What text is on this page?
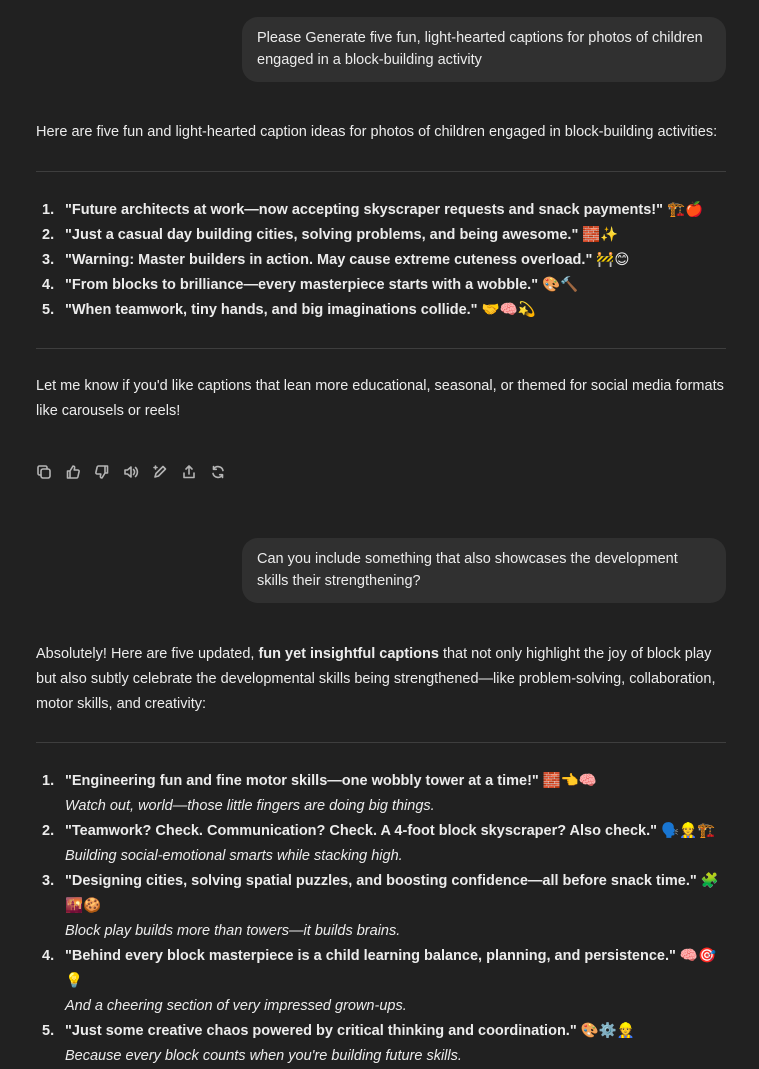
Please Generate five fun, light-hearted captions for photos of children engaged in a block-building activity

Here are five fun and light-hearted caption ideas for photos of children engaged in block-building activities:

1. "Future architects at work—now accepting skyscraper requests and snack payments!" 🏗️🍎
2. "Just a casual day building cities, solving problems, and being awesome." 🧱✨
3. "Warning: Master builders in action. May cause extreme cuteness overload." 🚧😊
4. "From blocks to brilliance—every masterpiece starts with a wobble." 🎨🔨
5. "When teamwork, tiny hands, and big imaginations collide." 🤝🧠💫

Let me know if you'd like captions that lean more educational, seasonal, or themed for social media formats like carousels or reels!

Can you include something that also showcases the development skills their strengthening?

Absolutely! Here are five updated, fun yet insightful captions that not only highlight the joy of block play but also subtly celebrate the developmental skills being strengthened—like problem-solving, collaboration, motor skills, and creativity:

1. "Engineering fun and fine motor skills—one wobbly tower at a time!" 🧱👈🧠
Watch out, world—those little fingers are doing big things.
2. "Teamwork? Check. Communication? Check. A 4-foot block skyscraper? Also check." 🗣️👷🏗️
Building social-emotional smarts while stacking high.
3. "Designing cities, solving spatial puzzles, and boosting confidence—all before snack time." 🧩🌇🍪
Block play builds more than towers—it builds brains.
4. "Behind every block masterpiece is a child learning balance, planning, and persistence." 🧠🎯💡
And a cheering section of very impressed grown-ups.
5. "Just some creative chaos powered by critical thinking and coordination." 🎨⚙️👷
Because every block counts when you're building future skills.
